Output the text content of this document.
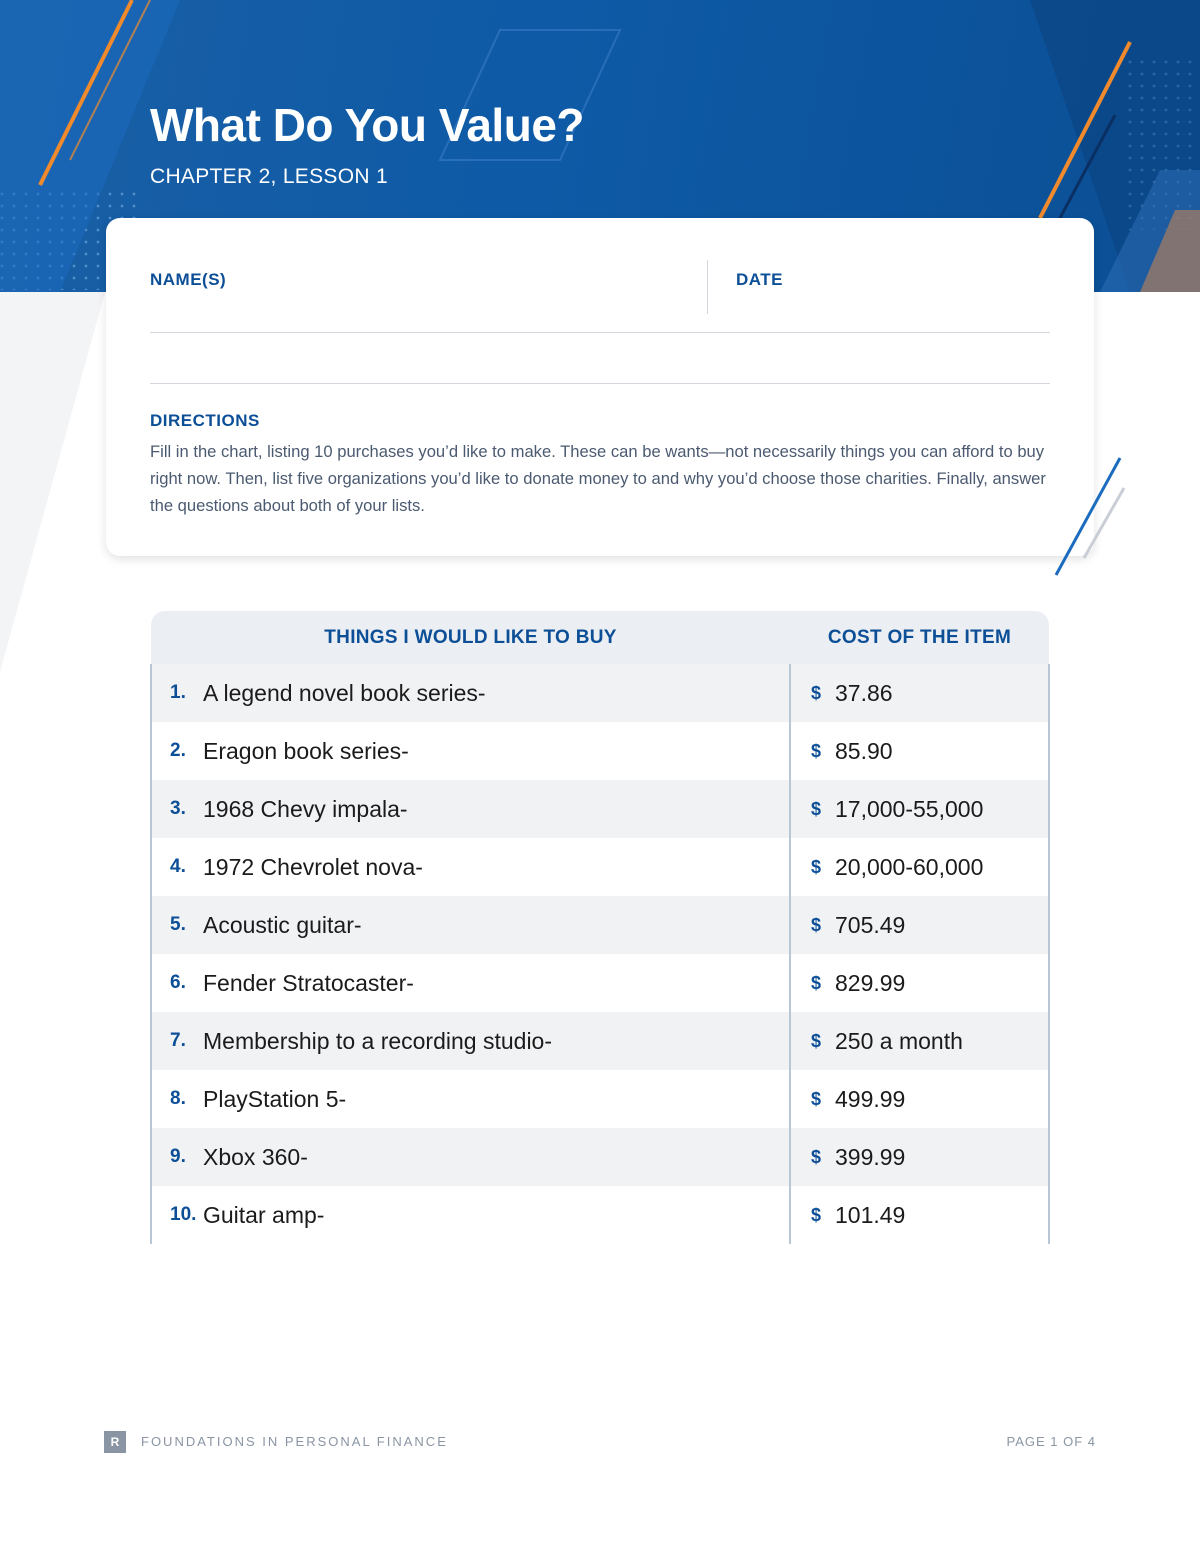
What Do You Value?
CHAPTER 2, LESSON 1
NAME(S)	DATE
DIRECTIONS

Fill in the chart, listing 10 purchases you’d like to make. These can be wants—not necessarily things you can afford to buy right now. Then, list five organizations you’d like to donate money to and why you’d choose those charities. Finally, answer the questions about both of your lists.

THINGS I WOULD LIKE TO BUY	COST OF THE ITEM

1. A legend novel book series-	$ 37.86

2. Eragon book series-	$ 85.90

3. 1968 Chevy impala-	$ 17,000-55,000

4. 1972 Chevrolet nova-	$ 20,000-60,000

5. Acoustic guitar-	$ 705.49

6. Fender Stratocaster-	$ 829.99

7. Membership to a recording studio-	$ 250 a month

8. PlayStation 5-	$ 499.99

9. Xbox 360-	$ 399.99

10. Guitar amp-	$ 101.49
R	FOUNDATIONS IN PERSONAL FINANCE	PAGE 1 OF 4
